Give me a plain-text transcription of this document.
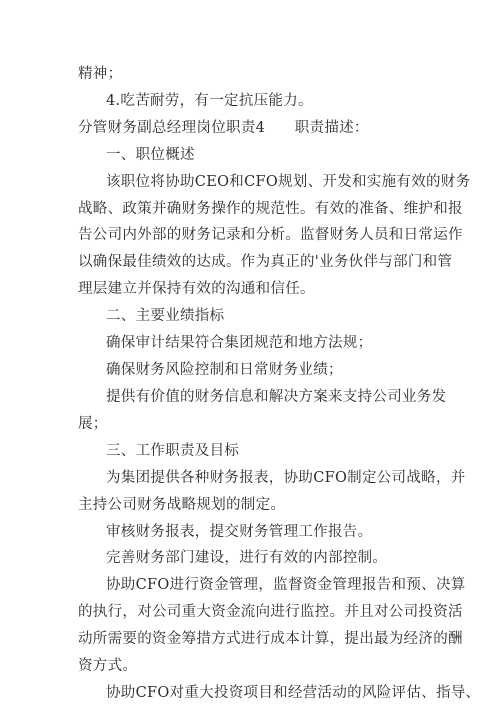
精神；
4.吃苦耐劳，有一定抗压能力。
分管财务副总经理岗位职责4　　职责描述：
一、职位概述
该职位将协助CEO和CFO规划、开发和实施有效的财务
战略、政策并确财务操作的规范性。有效的准备、维护和报
告公司内外部的财务记录和分析。监督财务人员和日常运作
以确保最佳绩效的达成。作为真正的'业务伙伴与部门和管
理层建立并保持有效的沟通和信任。
二、主要业绩指标
确保审计结果符合集团规范和地方法规；
确保财务风险控制和日常财务业绩；
提供有价值的财务信息和解决方案来支持公司业务发
展；
三、工作职责及目标
为集团提供各种财务报表，协助CFO制定公司战略，并
主持公司财务战略规划的制定。
审核财务报表，提交财务管理工作报告。
完善财务部门建设，进行有效的内部控制。
协助CFO进行资金管理，监督资金管理报告和预、决算
的执行，对公司重大资金流向进行监控。并且对公司投资活
动所需要的资金筹措方式进行成本计算，提出最为经济的酬
资方式。
协助CFO对重大投资项目和经营活动的风险评估、指导、
